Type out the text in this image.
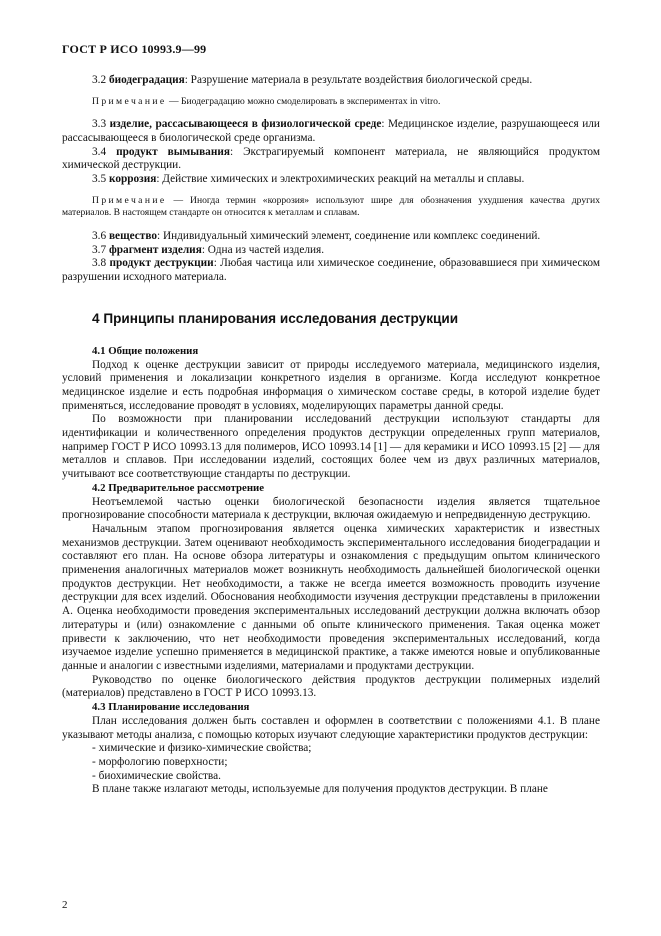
ГОСТ Р ИСО 10993.9—99

3.2 биодеградация: Разрушение материала в результате воздействия биологической среды.

Примечание — Биодеградацию можно смоделировать в экспериментах in vitro.

3.3 изделие, рассасывающееся в физиологической среде: Медицинское изделие, разрушающееся или рассасывающееся в биологической среде организма.

3.4 продукт вымывания: Экстрагируемый компонент материала, не являющийся продуктом химической деструкции.

3.5 коррозия: Действие химических и электрохимических реакций на металлы и сплавы.

Примечание — Иногда термин «коррозия» используют шире для обозначения ухудшения качества других материалов. В настоящем стандарте он относится к металлам и сплавам.

3.6 вещество: Индивидуальный химический элемент, соединение или комплекс соединений.

3.7 фрагмент изделия: Одна из частей изделия.

3.8 продукт деструкции: Любая частица или химическое соединение, образовавшиеся при химическом разрушении исходного материала.

4 Принципы планирования исследования деструкции

4.1 Общие положения

Подход к оценке деструкции зависит от природы исследуемого материала, медицинского изделия, условий применения и локализации конкретного изделия в организме. Когда исследуют конкретное медицинское изделие и есть подробная информация о химическом составе среды, в которой изделие будет применяться, исследование проводят в условиях, моделирующих параметры данной среды.

По возможности при планировании исследований деструкции используют стандарты для идентификации и количественного определения продуктов деструкции определенных групп материалов, например ГОСТ Р ИСО 10993.13 для полимеров, ИСО 10993.14 [1] — для керамики и ИСО 10993.15 [2] — для металлов и сплавов. При исследовании изделий, состоящих более чем из двух различных материалов, учитывают все соответствующие стандарты по деструкции.

4.2 Предварительное рассмотрение

Неотъемлемой частью оценки биологической безопасности изделия является тщательное прогнозирование способности материала к деструкции, включая ожидаемую и непредвиденную деструкцию.

Начальным этапом прогнозирования является оценка химических характеристик и известных механизмов деструкции. Затем оценивают необходимость экспериментального исследования биодеградации и составляют его план. На основе обзора литературы и ознакомления с предыдущим опытом клинического применения аналогичных материалов может возникнуть необходимость дальнейшей биологической оценки продуктов деструкции. Нет необходимости, а также не всегда имеется возможность проводить изучение деструкции для всех изделий. Обоснования необходимости изучения деструкции представлены в приложении А. Оценка необходимости проведения экспериментальных исследований деструкции должна включать обзор литературы и (или) ознакомление с данными об опыте клинического применения. Такая оценка может привести к заключению, что нет необходимости проведения экспериментальных исследований, когда изучаемое изделие успешно применяется в медицинской практике, а также имеются новые и опубликованные данные и аналогии с известными изделиями, материалами и продуктами деструкции.

Руководство по оценке биологического действия продуктов деструкции полимерных изделий (материалов) представлено в ГОСТ Р ИСО 10993.13.

4.3 Планирование исследования

План исследования должен быть составлен и оформлен в соответствии с положениями 4.1. В плане указывают методы анализа, с помощью которых изучают следующие характеристики продуктов деструкции:

- химические и физико-химические свойства;

- морфологию поверхности;

- биохимические свойства.

В плане также излагают методы, используемые для получения продуктов деструкции. В плане

2
